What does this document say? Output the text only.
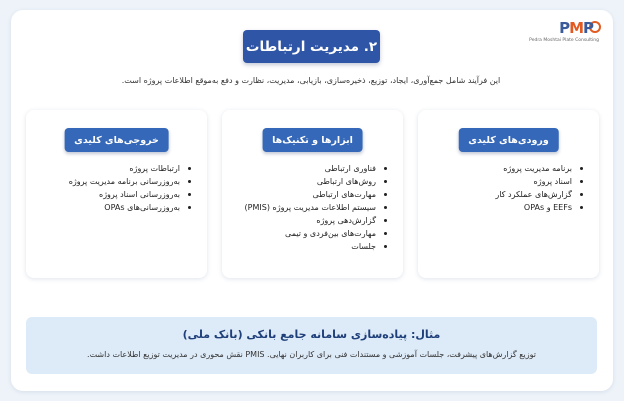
PMP
Pedra Moshtai Plate Consulting
۲. مدیریت ارتباطات
این فرآیند شامل جمع‌آوری، ایجاد، توزیع، ذخیره‌سازی، بازیابی، مدیریت، نظارت و دفع به‌موقع اطلاعات پروژه است.
ورودی‌های کلیدی
برنامه مدیریت پروژه
اسناد پروژه
گزارش‌های عملکرد کار
EEFs و OPAs
ابزارها و تکنیک‌ها
فناوری ارتباطی
روش‌های ارتباطی
مهارت‌های ارتباطی
سیستم اطلاعات مدیریت پروژه (PMIS)
گزارش‌دهی پروژه
مهارت‌های بین‌فردی و تیمی
جلسات
خروجی‌های کلیدی
ارتباطات پروژه
به‌روزرسانی برنامه مدیریت پروژه
به‌روزرسانی اسناد پروژه
به‌روزرسانی‌های OPAs
مثال: پیاده‌سازی سامانه جامع بانکی (بانک ملی)
توزیع گزارش‌های پیشرفت، جلسات آموزشی و مستندات فنی برای کاربران نهایی. PMIS نقش محوری در مدیریت توزیع اطلاعات داشت.
